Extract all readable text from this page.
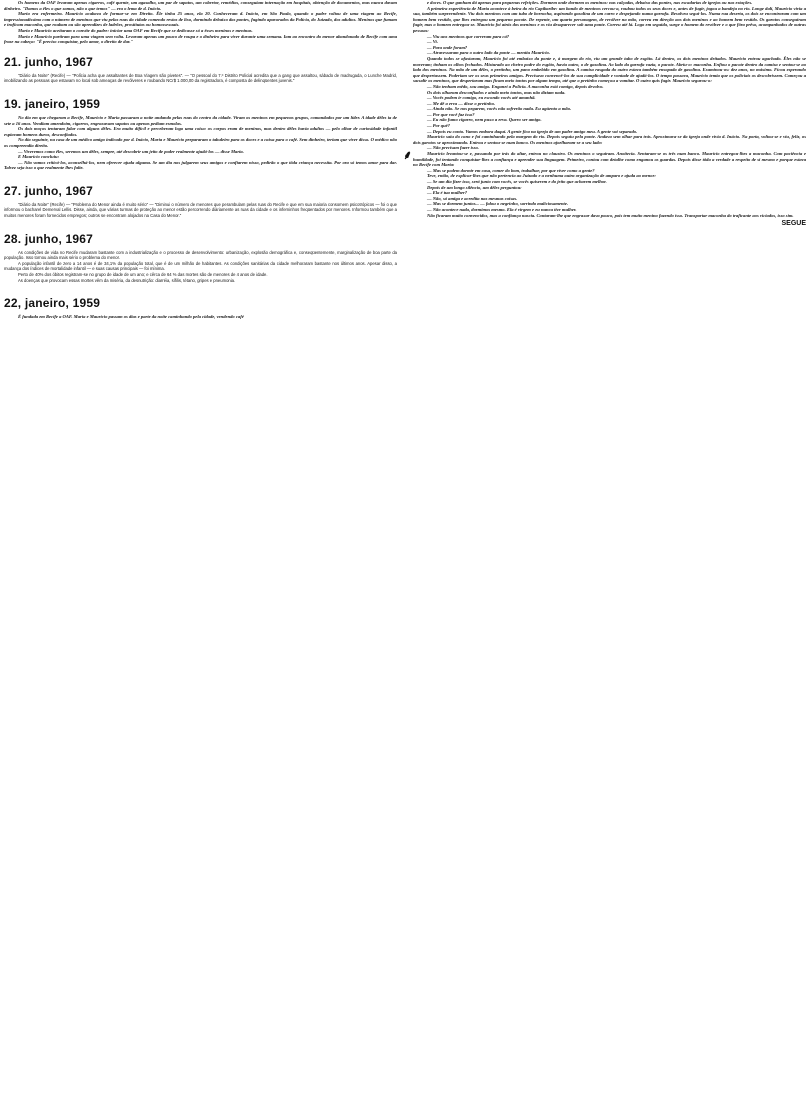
Os homens da OAF levaram apenas cigarros, café quente, um agasalho, um par de sapatos, um cobertor, remédios, conseguiam internação em hospitais, obtenção de documentos, mas nunca davam dinheiro. "Damos a êles o que somos, não o que temos" — era o lema de d. Inácio.

Maria era enfermeira. Maurício acabava de formar-se em Direito. Êle tinha 25 anos, ela 20. Conheceram d. Inácio, em São Paulo, quando o padre voltou de uma viagem ao Recife, impressionadíssimo com o número de meninos que viu pelas ruas da cidade comendo restos de lixo, dormindo debaixo das pontes, fugindo apavorados da Polícia, do Juizado, dos adultos. Meninos que fumam e traficam maconha, que roubam ou são aprendizes de ladrões, prostitutas ou homossexuais.

Maria e Maurício aceitaram o convite do padre: iniciar uma OAF em Recife que se dedicasse só a êsses meninos e meninas.

Maria e Maurício partiram para uma viagem sem volta. Levaram apenas um pouco de roupa e o dinheiro para viver durante uma semana. Iam ao encontro do menor abandonado de Recife com uma frase na cabeça: "É preciso conquistar, pelo amor, o direito de dar."

21. junho, 1967

"Diário da Noite" (Recife) — "Polícia acha que assaltantes de Boa Viagem são pivetes". — "O pessoal do 7.º Distrito Policial acredita que a gang que assaltou, sábado de madrugada, o Lunche Madrid, imobilizando as pessoas que estavam no local sob ameaças de revólveres e roubando NCr$ 1.000,00 da registradora, é composta de delinqüentes juvenis."

19. janeiro, 1959

No dia em que chegaram a Recife, Maurício e Maria passaram a noite andando pelas ruas do centro da cidade. Viram os meninos em pequenos grupos, comandados por um líder. A idade dêles ia de sete a 16 anos. Vendiam amendoim, cigarros, engraxavam sapatos ou apenas pediam esmolas.

Os dois moços tentaram falar com alguns dêles. Era muito difícil e perceberam logo uma coisa: os corpos eram de meninos, mas dentro dêles havia adultos — pelo olhar de curiosidade infantil espiavam homens duros, desconfiados.

No dia seguinte, na casa de um médico amigo indicado por d. Inácio, Maria e Maurício prepararam o tabuleiro para os doces e a caixa para o café. Sem dinheiro, teriam que viver disso. O médico não os compreendia direito.

— Viveremos como êles, seremos um dêles, sempre, até descobrir um jeito de poder realmente ajudá-los — disse Maria.

E Maurício concluiu:

— Não vamos criticá-los, aconselhá-los, nem oferecer ajuda alguma. Se um dia nos julgarem seus amigos e confiarem nisso, pedirão o que tôda criança necessita. Por ora só temos amor para dar. Talvez seja isso o que realmente lhes falte.

27. junho, 1967

"Diário da Noite" (Recife) — "Problema do Menor ainda é muito sério" — "Diminui o número de menores que perambulam pelas ruas do Recife e que em sua maioria consomem psicotrópicos — foi o que informou o bacharel Demerval Lellis. Disse, ainda, que várias turmas de proteção ao menor estão percorrendo diàriamente as ruas da cidade e os inferninhos freqüentados por menores. Informou também que a muitos menores foram fornecidos empregos; outros se encontram alojados na Casa do Menor."

28. junho, 1967

As condições de vida no Recife mudaram bastante com a industrialização e o processo de desenvolvimento: urbanização, explosão demográfica e, conseqüentemente, marginalização de boa parte da população. Isso tornou ainda mais sério o problema do menor.

A população infantil de zero a 14 anos é de 34,1% da população total, que é de um milhão de habitantes. As condições sanitárias da cidade melhoraram bastante nos últimos anos. Apesar disso, a mudança dos índices de mortalidade infantil — e suas causas principais — foi mínima.

Perto de 40% dos óbitos registram-se no grupo de idade de um ano; e cêrca de 64 % das mortes são de menores de 4 anos de idade.

As doenças que provocam essas mortes vêm da miséria, da desnutrição: diarréia, sífilis, tétano, gripes e pneumonia.

22, janeiro, 1959

É fundada em Recife a OAF. Maria e Maurício passam os dias e parte da noite caminhando pela cidade, vendendo café

⸙

e doces. O que ganham dá apenas para pequenas refeições. Dormem onde dormem os meninos: nas calçadas, debaixo das pontes, nas escadarias de igrejas ou nas estações.

A primeira experiência de Maria acontece à beira do rio Capibaribe: um bando de meninos cercou-a, roubou todos os seus doces e, antes de fugir, jogou a bandeja no rio. Longe dali, Maurício vivia a sua, também surpreendente. Viu dois meninos com um tubo de borracha, aspirando gasolina de um carro e despejando numa garrafa. Resolveu segui-los. Numa rua deserta, os dois se encontraram com um homem bem vestido, que lhes entregou um pequeno pacote. De repente, um quarto personagem, de revólver na mão, correu em direção aos dois meninos e ao homem bem vestido. Os garotos conseguiram fugir, mas o homem entregou-se. Maurício foi atrás dos meninos e os viu desaparecer sob uma ponte. Correu até lá. Logo em seguida, surge o homem do revólver e o que fôra prêso, acompanhados de outras pessoas:

— Viu uns meninos que correram para cá?

— Vi.

— Para onde foram?

— Atravessaram para o outro lado da ponte — mentiu Maurício.

Quando todos se afastaram, Maurício foi até embaixo da ponte e, à margem do rio, viu um grande tubo de esgôto. Lá dentro, os dois meninos deitados. Maurício entrou agachado. Êles não se moveram; tinham os olhos fechados. Misturado ao cheiro podre do esgôto, havia outro, o de gasolina. Ao lado da garrafa vazia, o pacote. Abriu-o: maconha. Enfiou o pacote dentro da camisa e sentou-se ao lado dos meninos. Na mão de um dêles, o pretinho, um pano embebido em gasolina. A camisa rasgada do outro estava também ensopada de gasolina. Examinou-os: dez anos, no máximo. Ficou esperando que despertassem. Poderiam ser os seus primeiros amigos. Precisava convencê-los de sua cumplicidade e vontade de ajudá-los. O tempo passava, Maurício temia que os policiais os descobrissem. Começou a sacudir os meninos, que despertaram mas ficam meio tontos por algum tempo, até que o pretinho começou a vomitar. O outro quis fugir. Maurício segurou-o:

— Não tenham mêdo, sou amigo. Enganei a Polícia. A maconha está comigo, depois devolvo.

Os dois olharam desconfiados e ainda meio tontos, mas não diziam nada.

— Vocês podem ir comigo, eu escondo vocês até amanhã.

— Me dê a erva — disse o pretinho.

— Ainda não. Se nos pegarem, vocês não sofrerão nada. Eu agüento a mão.

— Por que você faz isso?

— Eu não fumo cigarro, nem puxo a erva. Quero ser amigo.

— Por quê?

— Depois eu conto. Vamos embora daqui. A gente fica na igreja de um padre amigo meu. A gente vai separado.

Maurício saiu do cano e foi caminhando pela margem do rio. Depois seguiu pela ponte. Andava sem olhar para trás. Aproximava-se da igreja onde vivia d. Inácio. Na porta, voltou-se e viu, feliz, os dois garotos se aproximando. Entrou e sentou-se num banco. Os meninos ajoelharam-se a seu lado:

— Não precisam fazer isso.

Maurício levantou-se e, passando por trás do altar, entrou no claustro. Os meninos o seguiram. Anoitecia. Sentaram-se os três num banco. Maurício entregou-lhes a maconha. Com paciência e humildade, foi tentando conquistar-lhes a confiança e aprender sua linguagem. Primeiro, contou com detalhe como enganou os guardas. Depois disse tôda a verdade a respeito de si mesmo e porque estava no Recife com Maria:

— Mas se podem dormir em casa, comer do bom, trabalhar, por que viver como a gente?

Teve, então, de explicar-lhes que não pertencia ao Juizado e a nenhuma outra organização de amparo e ajuda ao menor:

— Se um dia fizer isso, será junto com vocês, se vocês quiserem e do jeito que acharem melhor.

Depois de um longo silêncio, um dêles perguntou:

— Ela é tua mulher?

— Não, só amiga e acredita nas mesmas coisas.

— Mas se dormem juntos... — falou o negrinho, sorrindo maliciosamente.

— Não acontece nada, dormimos mesmo. Ela é virgem e eu nunca tive mulher.

Não ficaram muito convencidos, mas a confiança nascia. Contaram-lhe que engraxar dava pouco, pois tem muito menino fazendo isso. Transportar maconha do traficante aos viciados, isso sim.

SEGUE
